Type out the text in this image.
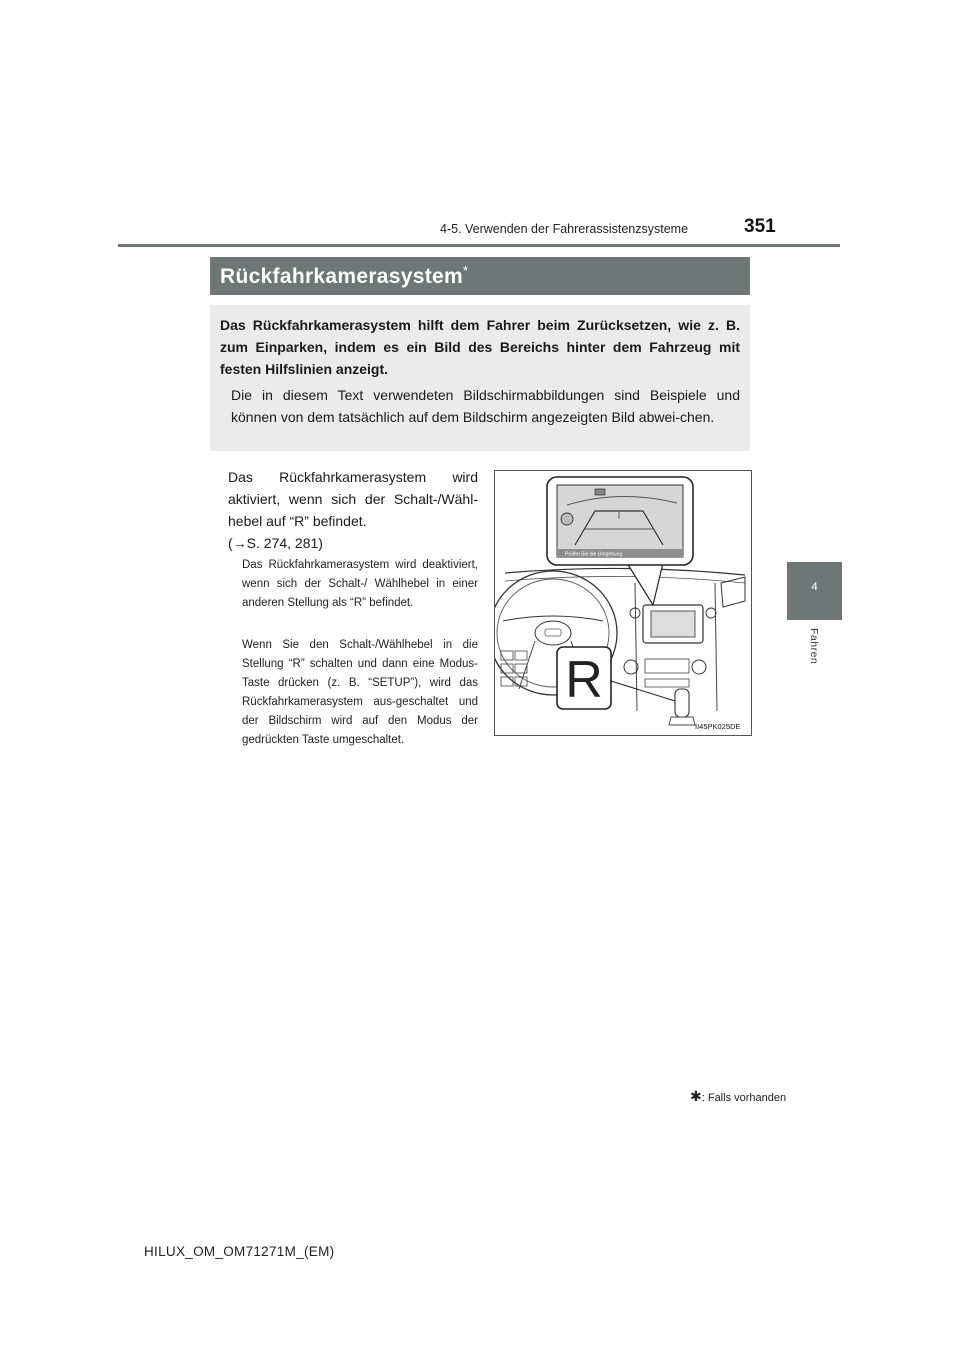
4-5. Verwenden der Fahrerassistenzsysteme	351
4
Fahren
Rückfahrkamerasystem*
Das Rückfahrkamerasystem hilft dem Fahrer beim Zurücksetzen, wie z. B. zum Einparken, indem es ein Bild des Bereichs hinter dem Fahrzeug mit festen Hilfslinien anzeigt.
Die in diesem Text verwendeten Bildschirmabbildungen sind Beispiele und können von dem tatsächlich auf dem Bildschirm angezeigten Bild abwei-chen.
Das Rückfahrkamerasystem wird aktiviert, wenn sich der Schalt-/Wähl-hebel auf “R” befindet.
(→S. 274, 281)
Das Rückfahrkamerasystem wird deaktiviert, wenn sich der Schalt-/ Wählhebel in einer anderen Stellung als “R” befindet.
Wenn Sie den Schalt-/Wählhebel in die Stellung “R” schalten und dann eine Modus-Taste drücken (z. B. “SETUP”), wird das Rückfahrkamerasystem aus-geschaltet und der Bildschirm wird auf den Modus der gedrückten Taste umgeschaltet.
Prüfen Sie die Umgebung.
R
II45PK025DE
✱: Falls vorhanden
HILUX_OM_OM71271M_(EM)
